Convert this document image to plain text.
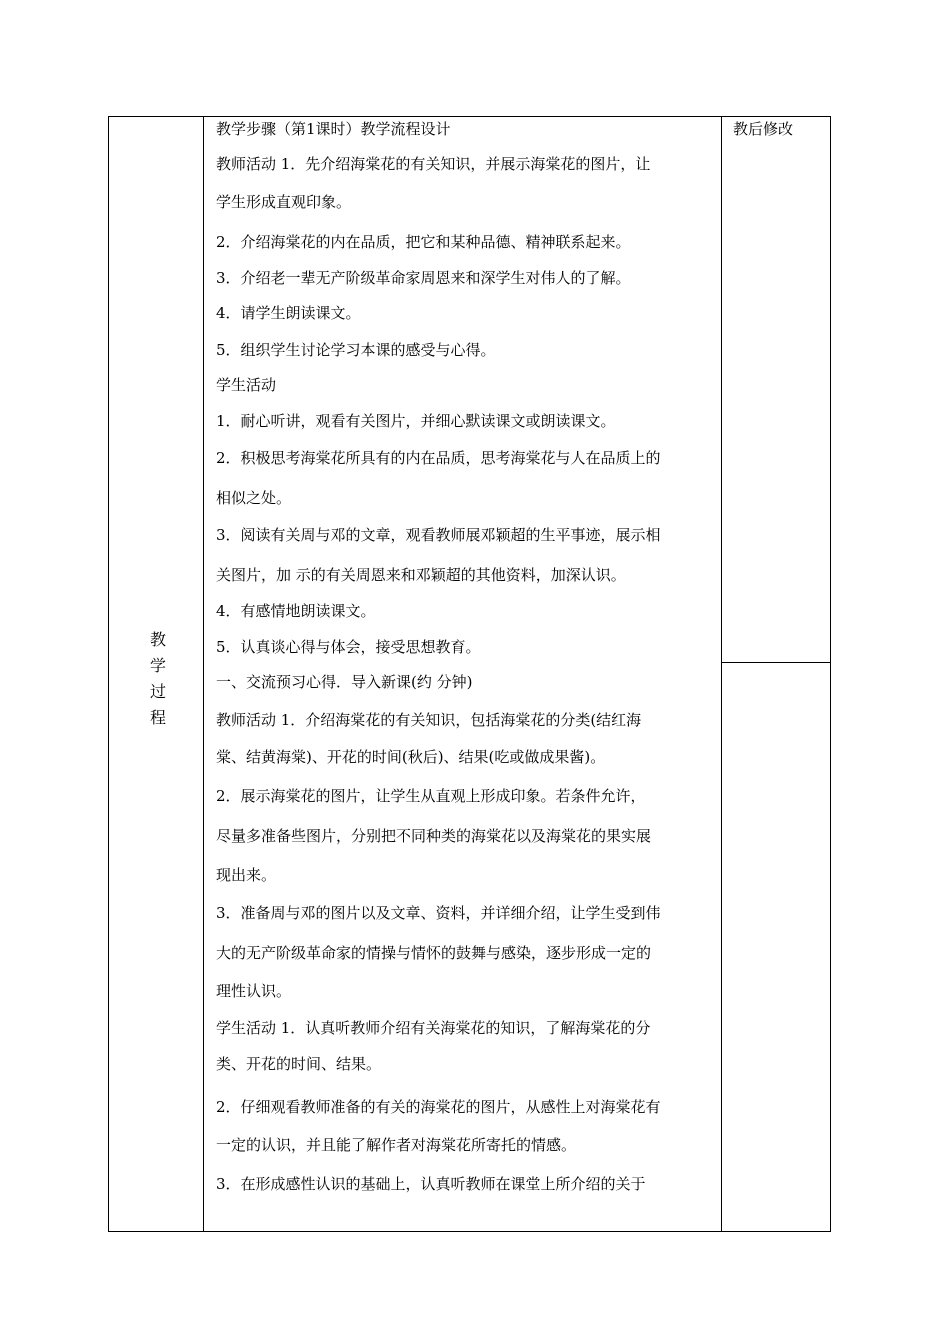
教
学
过
程
教学步骤（第1课时）教学流程设计
教师活动 1．先介绍海棠花的有关知识，并展示海棠花的图片，让
学生形成直观印象。
2．介绍海棠花的内在品质，把它和某种品德、精神联系起来。
3．介绍老一辈无产阶级革命家周恩来和深学生对伟人的了解。
4．请学生朗读课文。
5．组织学生讨论学习本课的感受与心得。
学生活动
1．耐心听讲，观看有关图片，并细心默读课文或朗读课文。
2．积极思考海棠花所具有的内在品质，思考海棠花与人在品质上的
相似之处。
3．阅读有关周与邓的文章，观看教师展邓颖超的生平事迹，展示相
关图片，加 示的有关周恩来和邓颖超的其他资料，加深认识。
4．有感情地朗读课文。
5．认真谈心得与体会，接受思想教育。
一、交流预习心得．导入新课(约 分钟)
教师活动 1．介绍海棠花的有关知识，包括海棠花的分类(结红海
棠、结黄海棠)、开花的时间(秋后)、结果(吃或做成果酱)。
2．展示海棠花的图片，让学生从直观上形成印象。若条件允许，
尽量多准备些图片，分别把不同种类的海棠花以及海棠花的果实展
现出来。
3．准备周与邓的图片以及文章、资料，并详细介绍，让学生受到伟
大的无产阶级革命家的情操与情怀的鼓舞与感染，逐步形成一定的
理性认识。
学生活动 1．认真听教师介绍有关海棠花的知识，了解海棠花的分
类、开花的时间、结果。
2．仔细观看教师准备的有关的海棠花的图片，从感性上对海棠花有
一定的认识，并且能了解作者对海棠花所寄托的情感。
3．在形成感性认识的基础上，认真听教师在课堂上所介绍的关于
教后修改
